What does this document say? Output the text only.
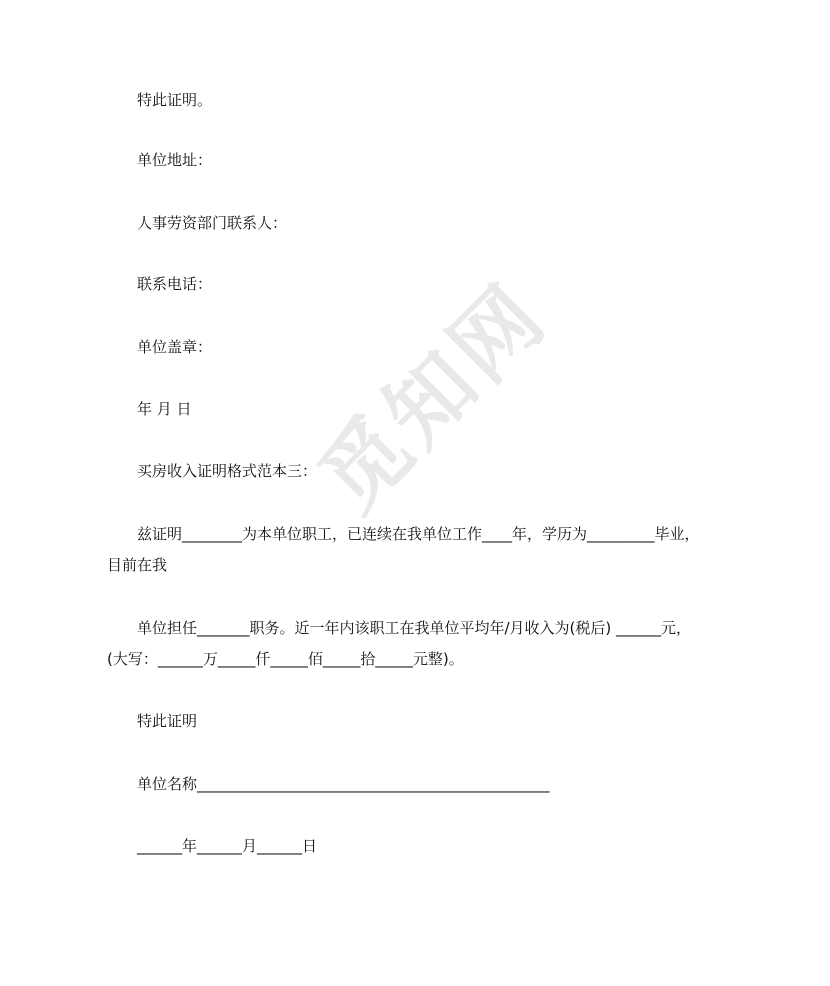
觅知网
特此证明。
单位地址：
人事劳资部门联系人：
联系电话：
单位盖章：
年 月 日
买房收入证明格式范本三：
兹证明________为本单位职工，已连续在我单位工作____年，学历为_________毕业，
目前在我
单位担任_______职务。近一年内该职工在我单位平均年/月收入为(税后) ______元，
(大写：______万_____仟_____佰_____拾_____元整)。
特此证明
单位名称_______________________________________________
______年______月______日
